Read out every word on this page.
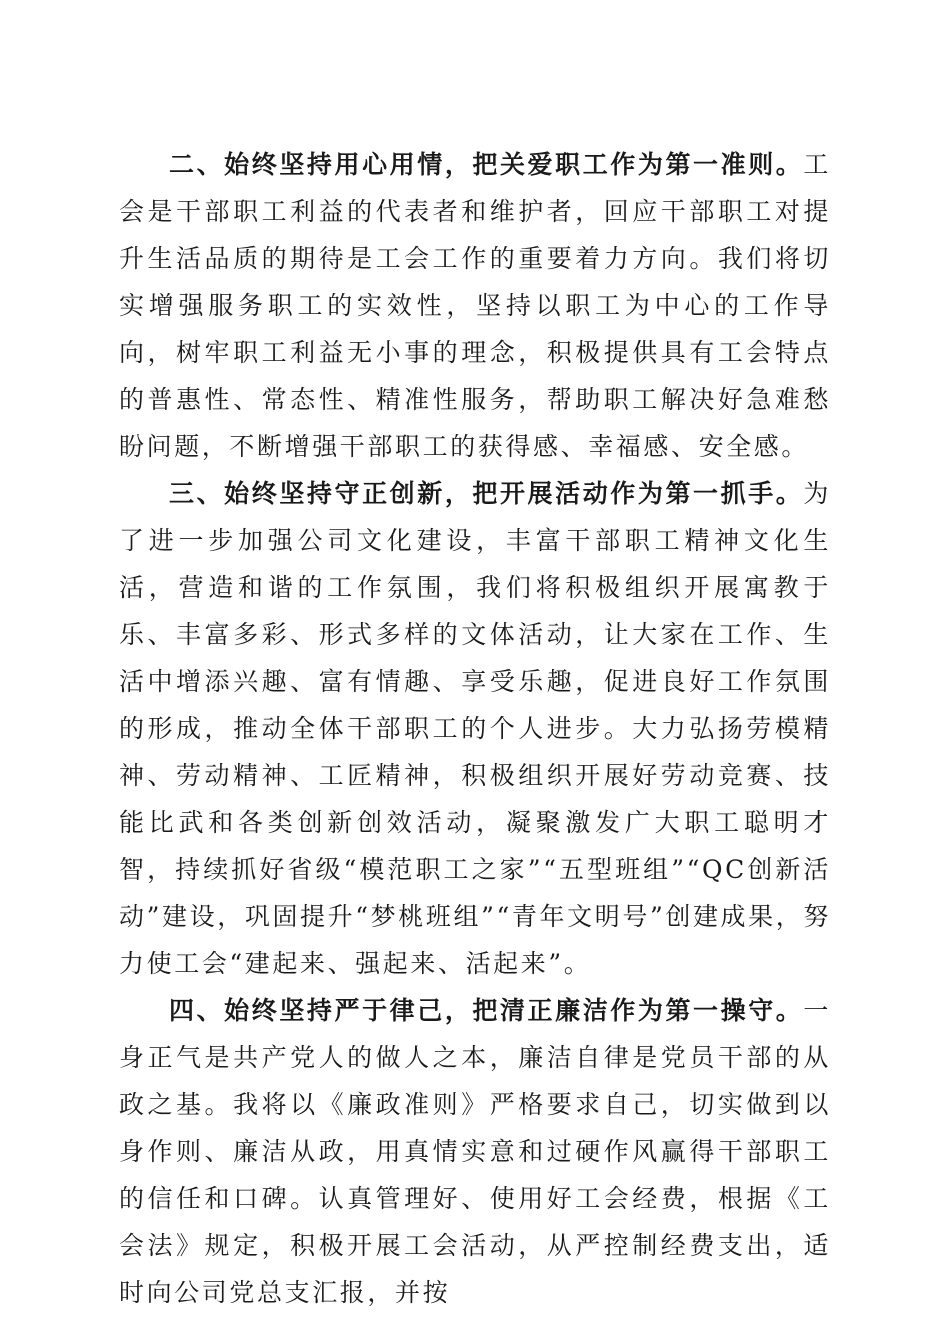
二、始终坚持用心用情，把关爱职工作为第一准则。工会是干部职工利益的代表者和维护者，回应干部职工对提升生活品质的期待是工会工作的重要着力方向。我们将切实增强服务职工的实效性，坚持以职工为中心的工作导向，树牢职工利益无小事的理念，积极提供具有工会特点的普惠性、常态性、精准性服务，帮助职工解决好急难愁盼问题，不断增强干部职工的获得感、幸福感、安全感。

三、始终坚持守正创新，把开展活动作为第一抓手。为了进一步加强公司文化建设，丰富干部职工精神文化生活，营造和谐的工作氛围，我们将积极组织开展寓教于乐、丰富多彩、形式多样的文体活动，让大家在工作、生活中增添兴趣、富有情趣、享受乐趣，促进良好工作氛围的形成，推动全体干部职工的个人进步。大力弘扬劳模精神、劳动精神、工匠精神，积极组织开展好劳动竞赛、技能比武和各类创新创效活动，凝聚激发广大职工聪明才智，持续抓好省级“模范职工之家”“五型班组”“QC创新活动”建设，巩固提升“梦桃班组”“青年文明号”创建成果，努力使工会“建起来、强起来、活起来”。

四、始终坚持严于律己，把清正廉洁作为第一操守。一身正气是共产党人的做人之本，廉洁自律是党员干部的从政之基。我将以《廉政准则》严格要求自己，切实做到以身作则、廉洁从政，用真情实意和过硬作风赢得干部职工的信任和口碑。认真管理好、使用好工会经费，根据《工会法》规定，积极开展工会活动，从严控制经费支出，适时向公司党总支汇报，并按
